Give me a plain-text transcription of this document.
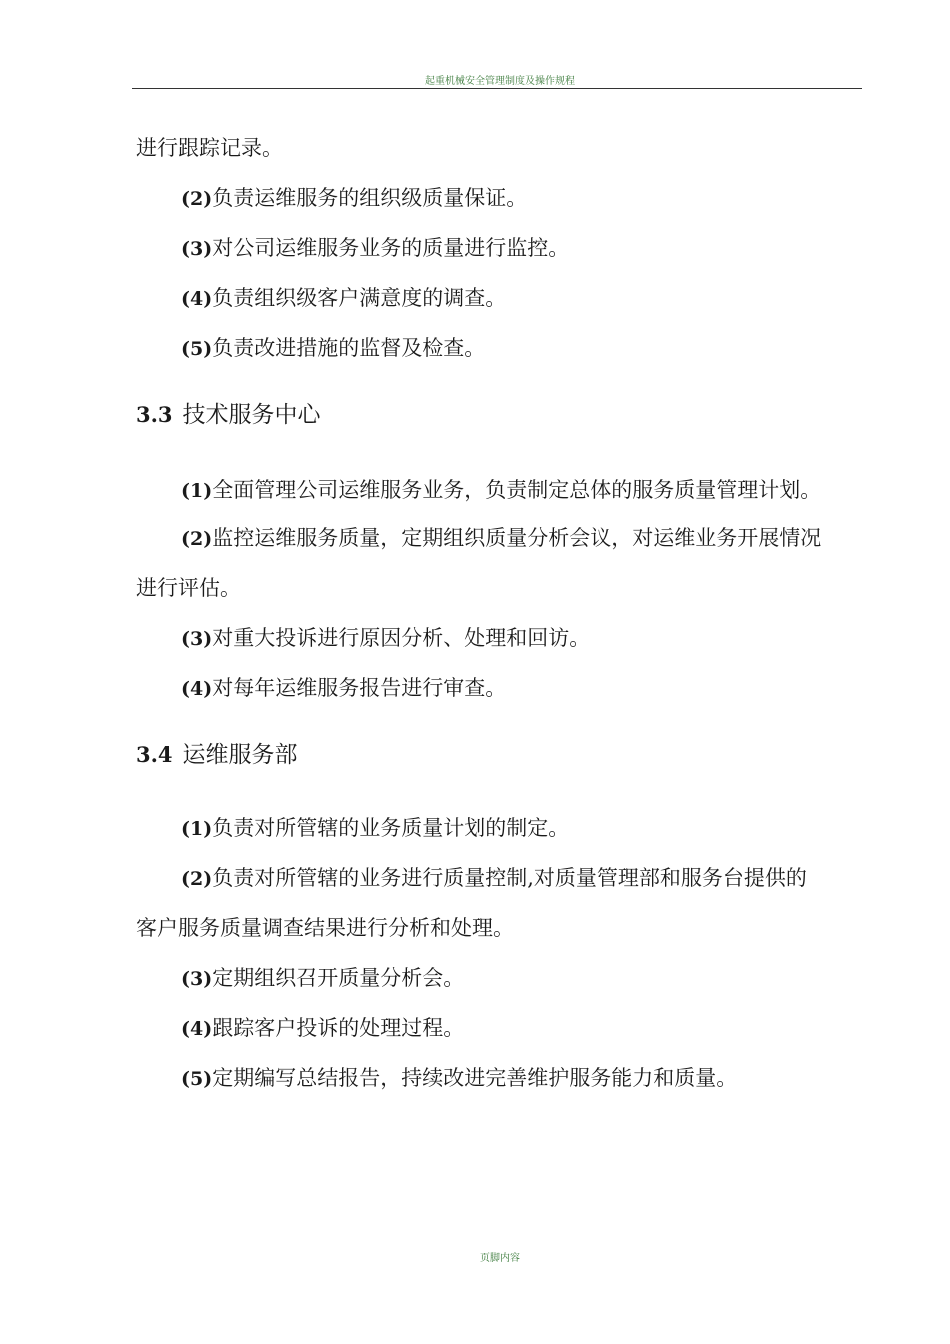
起重机械安全管理制度及操作规程
进行跟踪记录。
(2)负责运维服务的组织级质量保证。
(3)对公司运维服务业务的质量进行监控。
(4)负责组织级客户满意度的调查。
(5)负责改进措施的监督及检查。
3.3 技术服务中心
(1)全面管理公司运维服务业务，负责制定总体的服务质量管理计划。
(2)监控运维服务质量，定期组织质量分析会议，对运维业务开展情况
进行评估。
(3)对重大投诉进行原因分析、处理和回访。
(4)对每年运维服务报告进行审查。
3.4 运维服务部
(1)负责对所管辖的业务质量计划的制定。
(2)负责对所管辖的业务进行质量控制,对质量管理部和服务台提供的
客户服务质量调查结果进行分析和处理。
(3)定期组织召开质量分析会。
(4)跟踪客户投诉的处理过程。
(5)定期编写总结报告，持续改进完善维护服务能力和质量。
页脚内容
